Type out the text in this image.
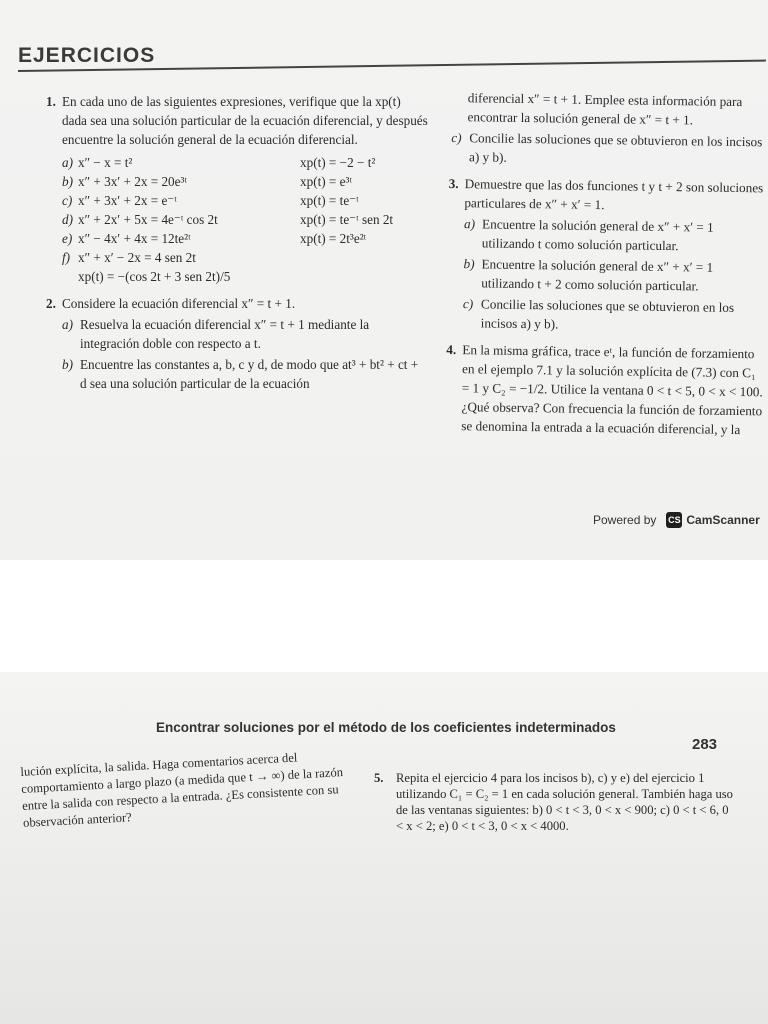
EJERCICIOS
1. En cada uno de las siguientes expresiones, verifique que la xp(t) dada sea una solución particular de la ecuación diferencial, y después encuentre la solución general de la ecuación diferencial.
a) x″ − x = t²	xp(t) = −2 − t²
b) x″ + 3x′ + 2x = 20e³ᵗ	xp(t) = e³ᵗ
c) x″ + 3x′ + 2x = e⁻ᵗ	xp(t) = te⁻ᵗ
d) x″ + 2x′ + 5x = 4e⁻ᵗ cos 2t	xp(t) = te⁻ᵗ sen 2t
e) x″ − 4x′ + 4x = 12te²ᵗ	xp(t) = 2t³e²ᵗ
f) x″ + x′ − 2x = 4 sen 2t
xp(t) = −(cos 2t + 3 sen 2t)/5
2. Considere la ecuación diferencial x″ = t + 1.
a) Resuelva la ecuación diferencial x″ = t + 1 mediante la integración doble con respecto a t.
b) Encuentre las constantes a, b, c y d, de modo que at³ + bt² + ct + d sea una solución particular de la ecuación
diferencial x″ = t + 1. Emplee esta información para encontrar la solución general de x″ = t + 1.
c) Concilie las soluciones que se obtuvieron en los incisos a) y b).
3. Demuestre que las dos funciones t y t + 2 son soluciones particulares de x″ + x′ = 1.
a) Encuentre la solución general de x″ + x′ = 1 utilizando t como solución particular.
b) Encuentre la solución general de x″ + x′ = 1 utilizando t + 2 como solución particular.
c) Concilie las soluciones que se obtuvieron en los incisos a) y b).
4. En la misma gráfica, trace eᵗ, la función de forzamiento en el ejemplo 7.1 y la solución explícita de (7.3) con C₁ = 1 y C₂ = −1/2. Utilice la ventana 0 < t < 5, 0 < x < 100. ¿Qué observa? Con frecuencia la función de forzamiento se denomina la entrada a la ecuación diferencial, y la
Powered by CS CamScanner
Encontrar soluciones por el método de los coeficientes indeterminados
283
lución explícita, la salida. Haga comentarios acerca del comportamiento a largo plazo (a medida que t → ∞) de la razón entre la salida con respecto a la entrada. ¿Es consistente con su observación anterior?
5. Repita el ejercicio 4 para los incisos b), c) y e) del ejercicio 1 utilizando C₁ = C₂ = 1 en cada solución general. También haga uso de las ventanas siguientes: b) 0 < t < 3, 0 < x < 900; c) 0 < t < 6, 0 < x < 2; e) 0 < t < 3, 0 < x < 4000.
